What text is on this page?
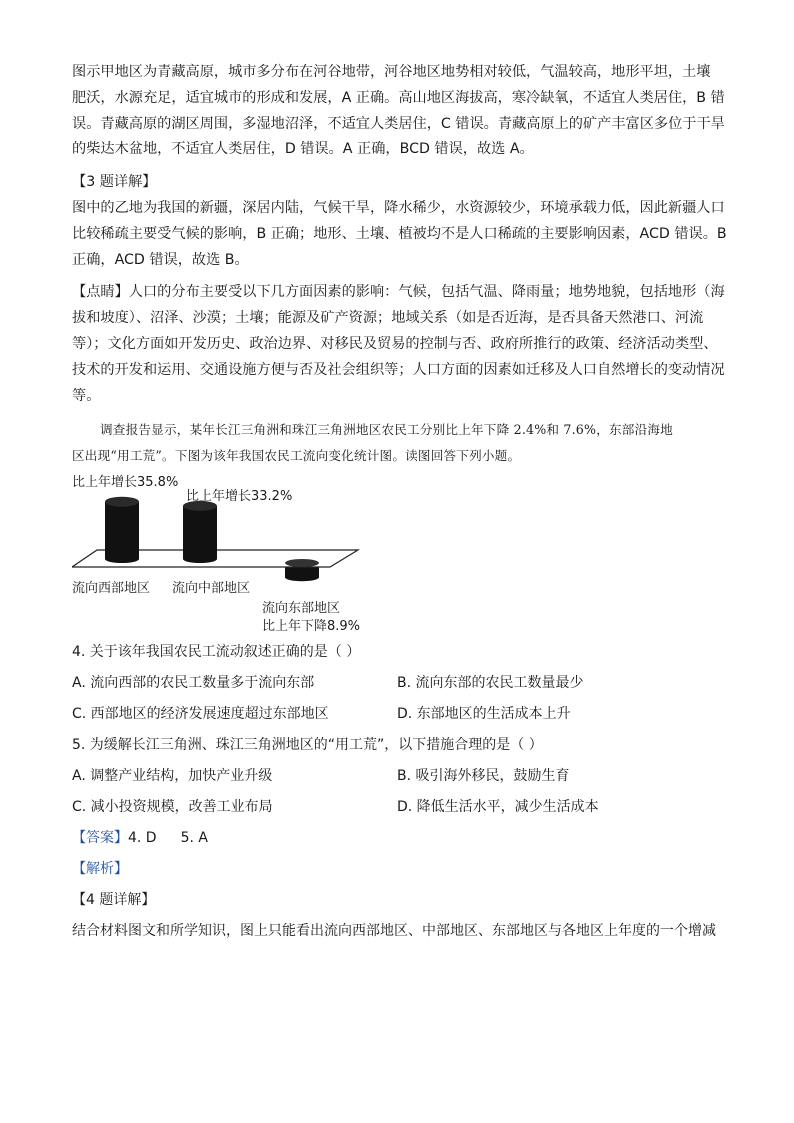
图示甲地区为青藏高原，城市多分布在河谷地带，河谷地区地势相对较低，气温较高，地形平坦，土壤
肥沃，水源充足，适宜城市的形成和发展，A 正确。高山地区海拔高，寒冷缺氧，不适宜人类居住，B 错
误。青藏高原的湖区周围，多湿地沼泽，不适宜人类居住，C 错误。青藏高原上的矿产丰富区多位于干旱
的柴达木盆地，不适宜人类居住，D 错误。A 正确，BCD 错误，故选 A。
【3 题详解】
图中的乙地为我国的新疆，深居内陆，气候干旱，降水稀少，水资源较少，环境承载力低，因此新疆人口
比较稀疏主要受气候的影响，B 正确；地形、土壤、植被均不是人口稀疏的主要影响因素，ACD 错误。B
正确，ACD 错误，故选 B。
【点睛】人口的分布主要受以下几方面因素的影响：气候，包括气温、降雨量；地势地貌，包括地形（海
拔和坡度）、沼泽、沙漠；土壤；能源及矿产资源；地域关系（如是否近海，是否具备天然港口、河流
等）；文化方面如开发历史、政治边界、对移民及贸易的控制与否、政府所推行的政策、经济活动类型、
技术的开发和运用、交通设施方便与否及社会组织等；人口方面的因素如迁移及人口自然增长的变动情况
等。
调查报告显示，某年长江三角洲和珠江三角洲地区农民工分别比上年下降 2.4%和 7.6%，东部沿海地
区出现“用工荒”。下图为该年我国农民工流向变化统计图。读图回答下列小题。
比上年增长35.8%
比上年增长33.2%
比上年下降8.9%
流向西部地区 流向中部地区
流向东部地区
4. 关于该年我国农民工流动叙述正确的是（ ）
A. 流向西部的农民工数量多于流向东部	B. 流向东部的农民工数量最少
C. 西部地区的经济发展速度超过东部地区	D. 东部地区的生活成本上升
5. 为缓解长江三角洲、珠江三角洲地区的“用工荒”，以下措施合理的是（ ）
A. 调整产业结构，加快产业升级	B. 吸引海外移民，鼓励生育
C. 减小投资规模，改善工业布局	D. 降低生活水平，减少生活成本
【答案】4. D 5. A
【解析】
【4 题详解】
结合材料图文和所学知识，图上只能看出流向西部地区、中部地区、东部地区与各地区上年度的一个增减
